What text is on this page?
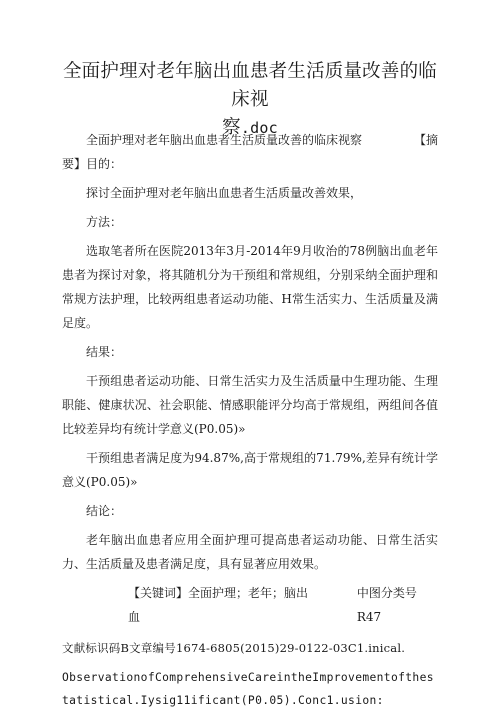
全面护理对老年脑出血患者生活质量改善的临床视
察.doc
全面护理对老年脑出血患者生活质量改善的临床视察	【摘
要】目的：
探讨全面护理对老年脑出血患者生活质量改善效果，
方法：
选取笔者所在医院2013年3月-2014年9月收治的78例脑出血老年患者为探讨对象，将其随机分为干预组和常规组，分别采纳全面护理和常规方法护理，比较两组患者运动功能、H常生活实力、生活质量及满足度。
结果：
干预组患者运动功能、日常生活实力及生活质量中生理功能、生理职能、健康状况、社会职能、情感职能评分均高于常规组，两组间各值比较差异均有统计学意义(P0.05)»
干预组患者满足度为94.87%,高于常规组的71.79%,差异有统计学意义(P0.05)»
结论：
老年脑出血患者应用全面护理可提高患者运动功能、日常生活实力、生活质量及患者满足度，具有显著应用效果。
【关键词】全面护理；老年；脑出血
中图分类号R47
文献标识码B文章编号1674-6805(2015)29-0122-03C1.inical.
ObservationofComprehensiveCareintheImprovementofthestatistical.Iysig11ificant(P0.05).Conc1.usion:
